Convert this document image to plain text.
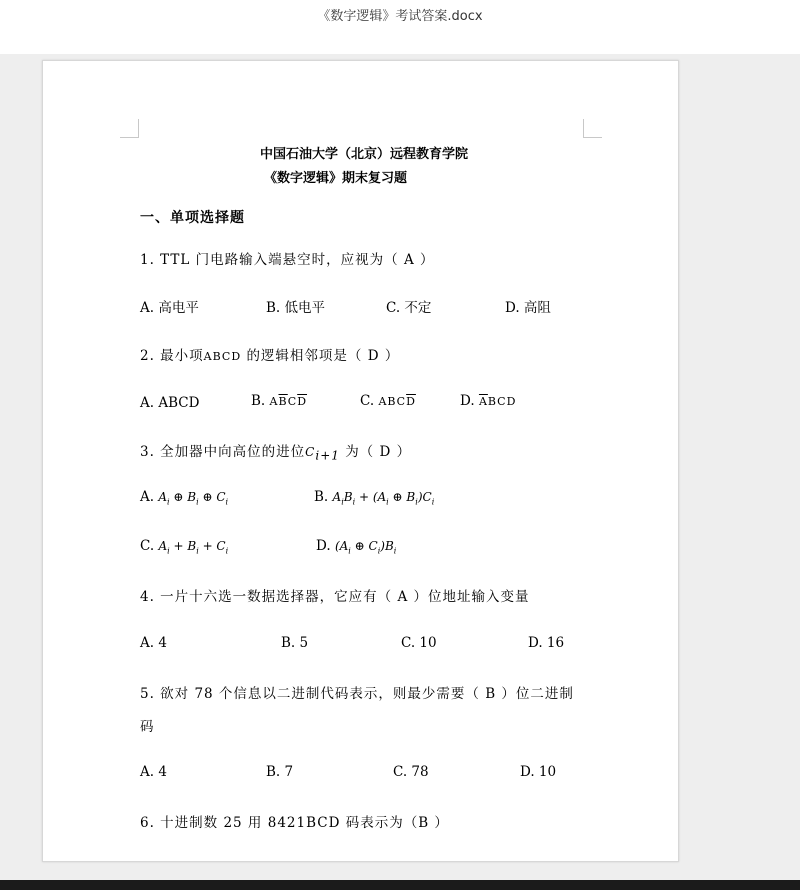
《数字逻辑》考试答案.docx
中国石油大学（北京）远程教育学院
《数字逻辑》期末复习题
一、单项选择题
1. TTL 门电路输入端悬空时，应视为（ A ）
A. 高电平	B. 低电平	C. 不定	D. 高阻
2. 最小项ABCD 的逻辑相邻项是（ D ）
A. ABCD	B. $A\overline{B}C\overline{D}$	C. $ABC\overline{D}$	D. $\overline{A}BCD$
3. 全加器中向高位的进位$C_{i+1}$ 为（ D ）
A. $A_i$ ⊕ $B_i$ ⊕ $C_i$	B. $A_iB_i + (A_i$ ⊕ $B_i)C_i$
C. $A_i + B_i + C_i$	D. ($A_i$ ⊕ $C_i)B_i$
4. 一片十六选一数据选择器，它应有（ A ）位地址输入变量
A. 4	B. 5	C. 10	D. 16
5. 欲对 78 个信息以二进制代码表示，则最少需要（ B ）位二进制
码
A. 4	B. 7	C. 78	D. 10
6. 十进制数 25 用 8421BCD 码表示为（B ）
